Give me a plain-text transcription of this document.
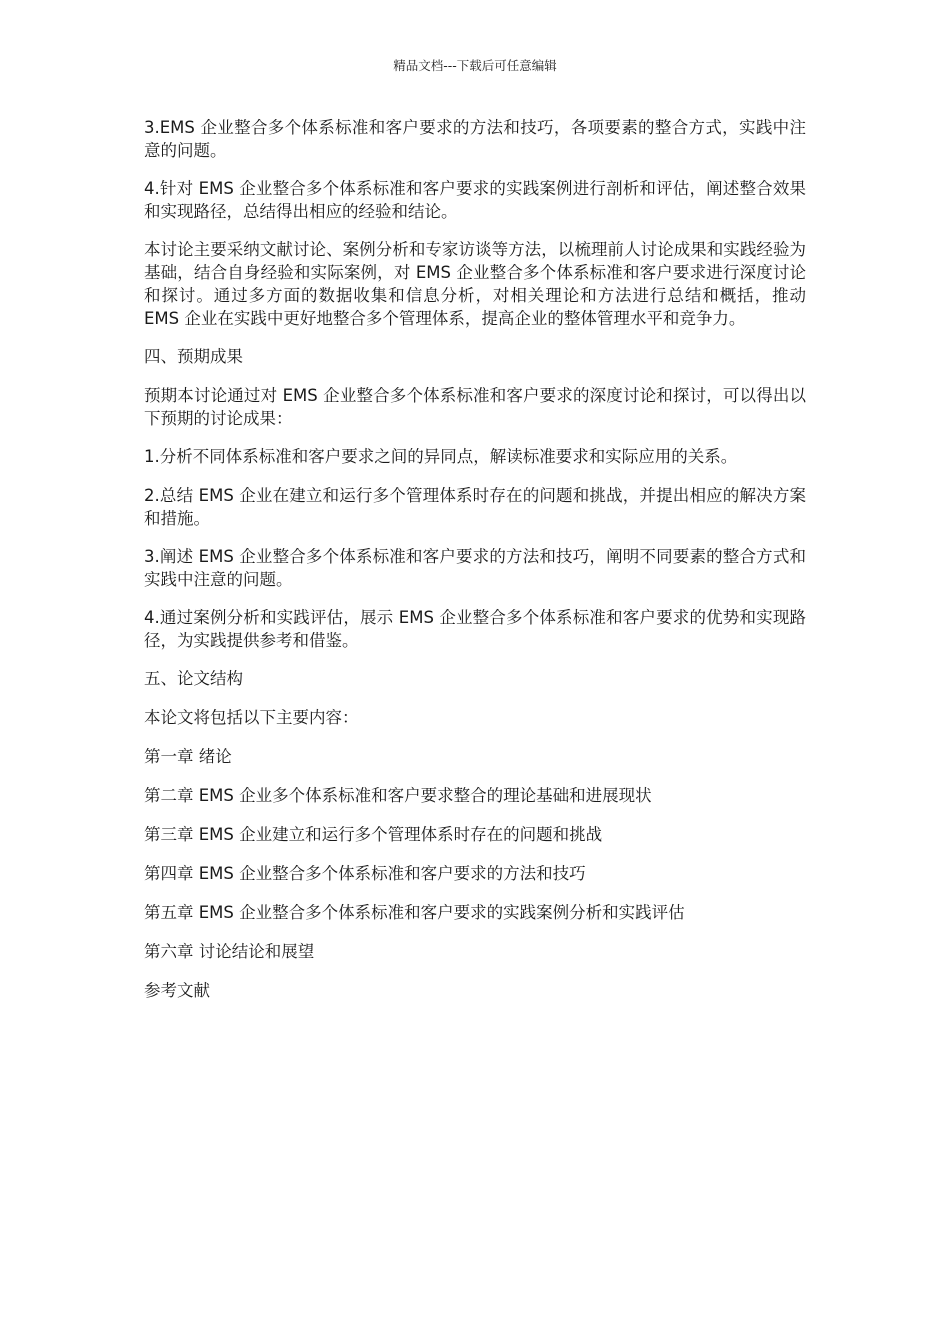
精品文档---下载后可任意编辑

3.EMS 企业整合多个体系标准和客户要求的方法和技巧，各项要素的整合方式，实践中注意的问题。

4.针对 EMS 企业整合多个体系标准和客户要求的实践案例进行剖析和评估，阐述整合效果和实现路径，总结得出相应的经验和结论。

本讨论主要采纳文献讨论、案例分析和专家访谈等方法，以梳理前人讨论成果和实践经验为基础，结合自身经验和实际案例，对 EMS 企业整合多个体系标准和客户要求进行深度讨论和探讨。通过多方面的数据收集和信息分析，对相关理论和方法进行总结和概括，推动 EMS 企业在实践中更好地整合多个管理体系，提高企业的整体管理水平和竞争力。

四、预期成果

预期本讨论通过对 EMS 企业整合多个体系标准和客户要求的深度讨论和探讨，可以得出以下预期的讨论成果：

1.分析不同体系标准和客户要求之间的异同点，解读标准要求和实际应用的关系。

2.总结 EMS 企业在建立和运行多个管理体系时存在的问题和挑战，并提出相应的解决方案和措施。

3.阐述 EMS 企业整合多个体系标准和客户要求的方法和技巧，阐明不同要素的整合方式和实践中注意的问题。

4.通过案例分析和实践评估，展示 EMS 企业整合多个体系标准和客户要求的优势和实现路径，为实践提供参考和借鉴。

五、论文结构

本论文将包括以下主要内容：

第一章 绪论

第二章 EMS 企业多个体系标准和客户要求整合的理论基础和进展现状

第三章 EMS 企业建立和运行多个管理体系时存在的问题和挑战

第四章 EMS 企业整合多个体系标准和客户要求的方法和技巧

第五章 EMS 企业整合多个体系标准和客户要求的实践案例分析和实践评估

第六章 讨论结论和展望

参考文献
